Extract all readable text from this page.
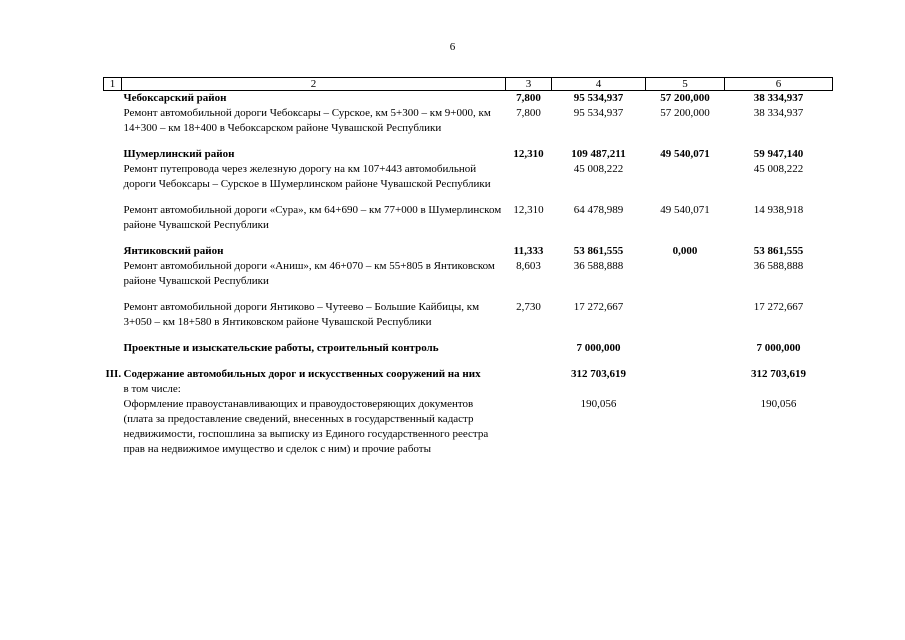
6
1	2	3	4	5	6
	Чебоксарский район	7,800	95 534,937	57 200,000	38 334,937
	Ремонт автомобильной дороги Чебоксары – Сурское, км 5+300 – км 9+000, км 14+300 – км 18+400 в Чебоксарском районе Чувашской Республики	7,800	95 534,937	57 200,000	38 334,937

	Шумерлинский район	12,310	109 487,211	49 540,071	59 947,140
	Ремонт путепровода через железную дорогу на км 107+443 автомобильной дороги Чебоксары – Сурское в Шумерлинском районе Чувашской Республики		45 008,222		45 008,222

	Ремонт автомобильной дороги «Сура», км 64+690 – км 77+000 в Шумерлинском районе Чувашской Республики	12,310	64 478,989	49 540,071	14 938,918

	Янтиковский район	11,333	53 861,555	0,000	53 861,555
	Ремонт автомобильной дороги «Аниш», км 46+070 – км 55+805 в Янтиковском районе Чувашской Республики	8,603	36 588,888		36 588,888

	Ремонт автомобильной дороги Янтиково – Чутеево – Большие Кайбицы, км 3+050 – км 18+580 в Янтиковском районе Чувашской Республики	2,730	17 272,667		17 272,667

	Проектные и изыскательские работы, строительный контроль		7 000,000		7 000,000

III.	Содержание автомобильных дорог и искусственных сооружений на них		312 703,619		312 703,619
	в том числе:				
	Оформление правоустанавливающих и правоудостоверяющих документов (плата за предоставление сведений, внесенных в государственный кадастр недвижимости, госпошлина за выписку из Единого государственного реестра прав на недвижимое имущество и сделок с ним) и прочие работы		190,056		190,056
